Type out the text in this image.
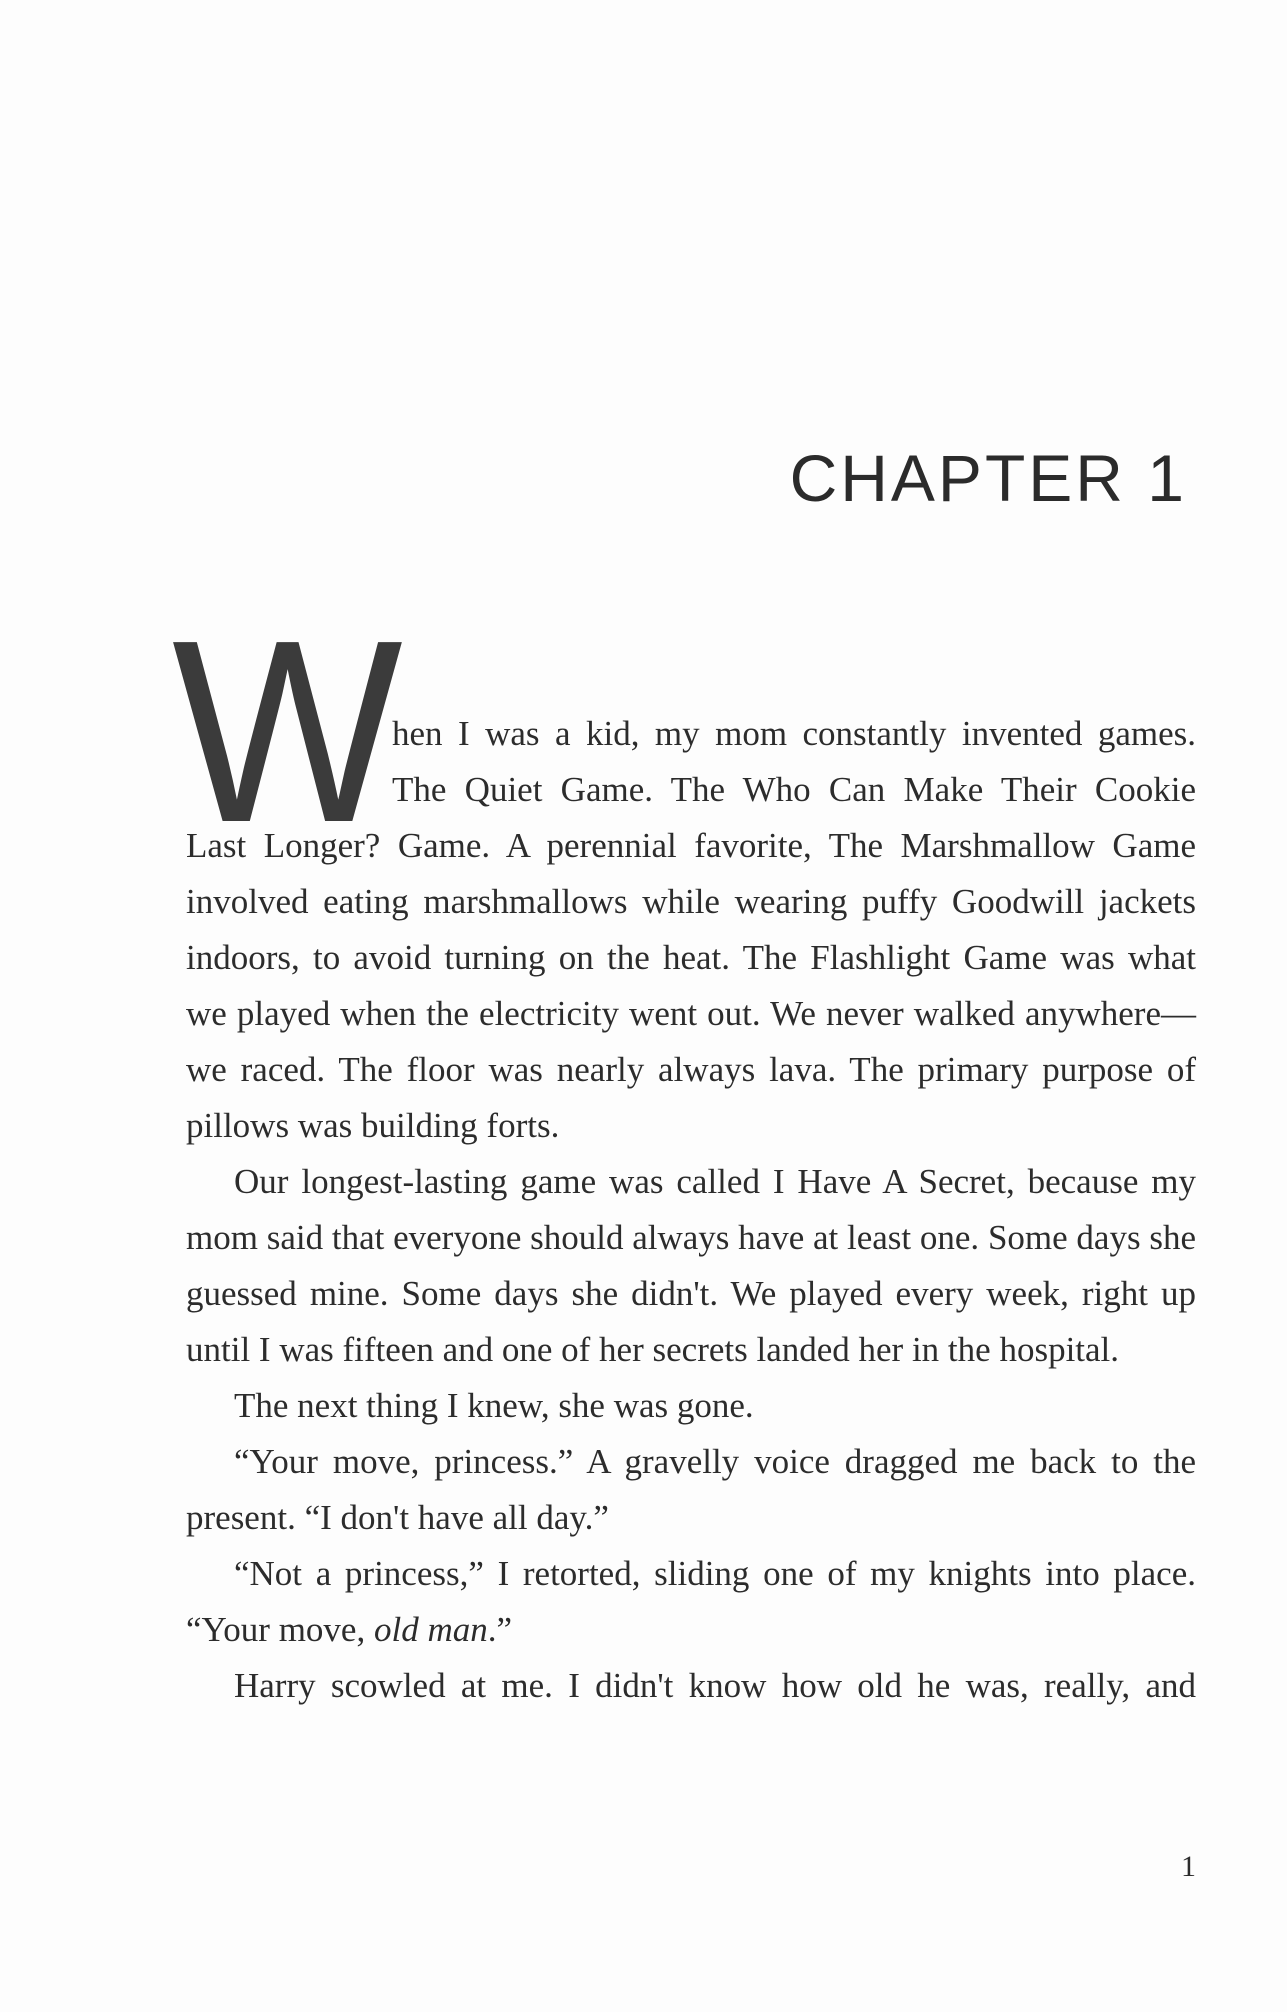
CHAPTER 1
W

hen I was a kid, my mom constantly invented games.
The Quiet Game. The Who Can Make Their Cookie
Last Longer? Game. A perennial favorite, The Marshmallow Game involved eating marshmallows while wearing puffy Goodwill jackets indoors, to avoid turning on the heat. The Flashlight Game was what we played when the electricity went out. We never walked anywhere—we raced. The floor was nearly always lava. The primary purpose of pillows was building forts.

Our longest-lasting game was called I Have A Secret, because my mom said that everyone should always have at least one. Some days she guessed mine. Some days she didn't. We played every week, right up until I was fifteen and one of her secrets landed her in the hospital.

The next thing I knew, she was gone.

“Your move, princess.” A gravelly voice dragged me back to the present. “I don't have all day.”

“Not a princess,” I retorted, sliding one of my knights into place. “Your move, old man.”

Harry scowled at me. I didn't know how old he was, really, and

1
